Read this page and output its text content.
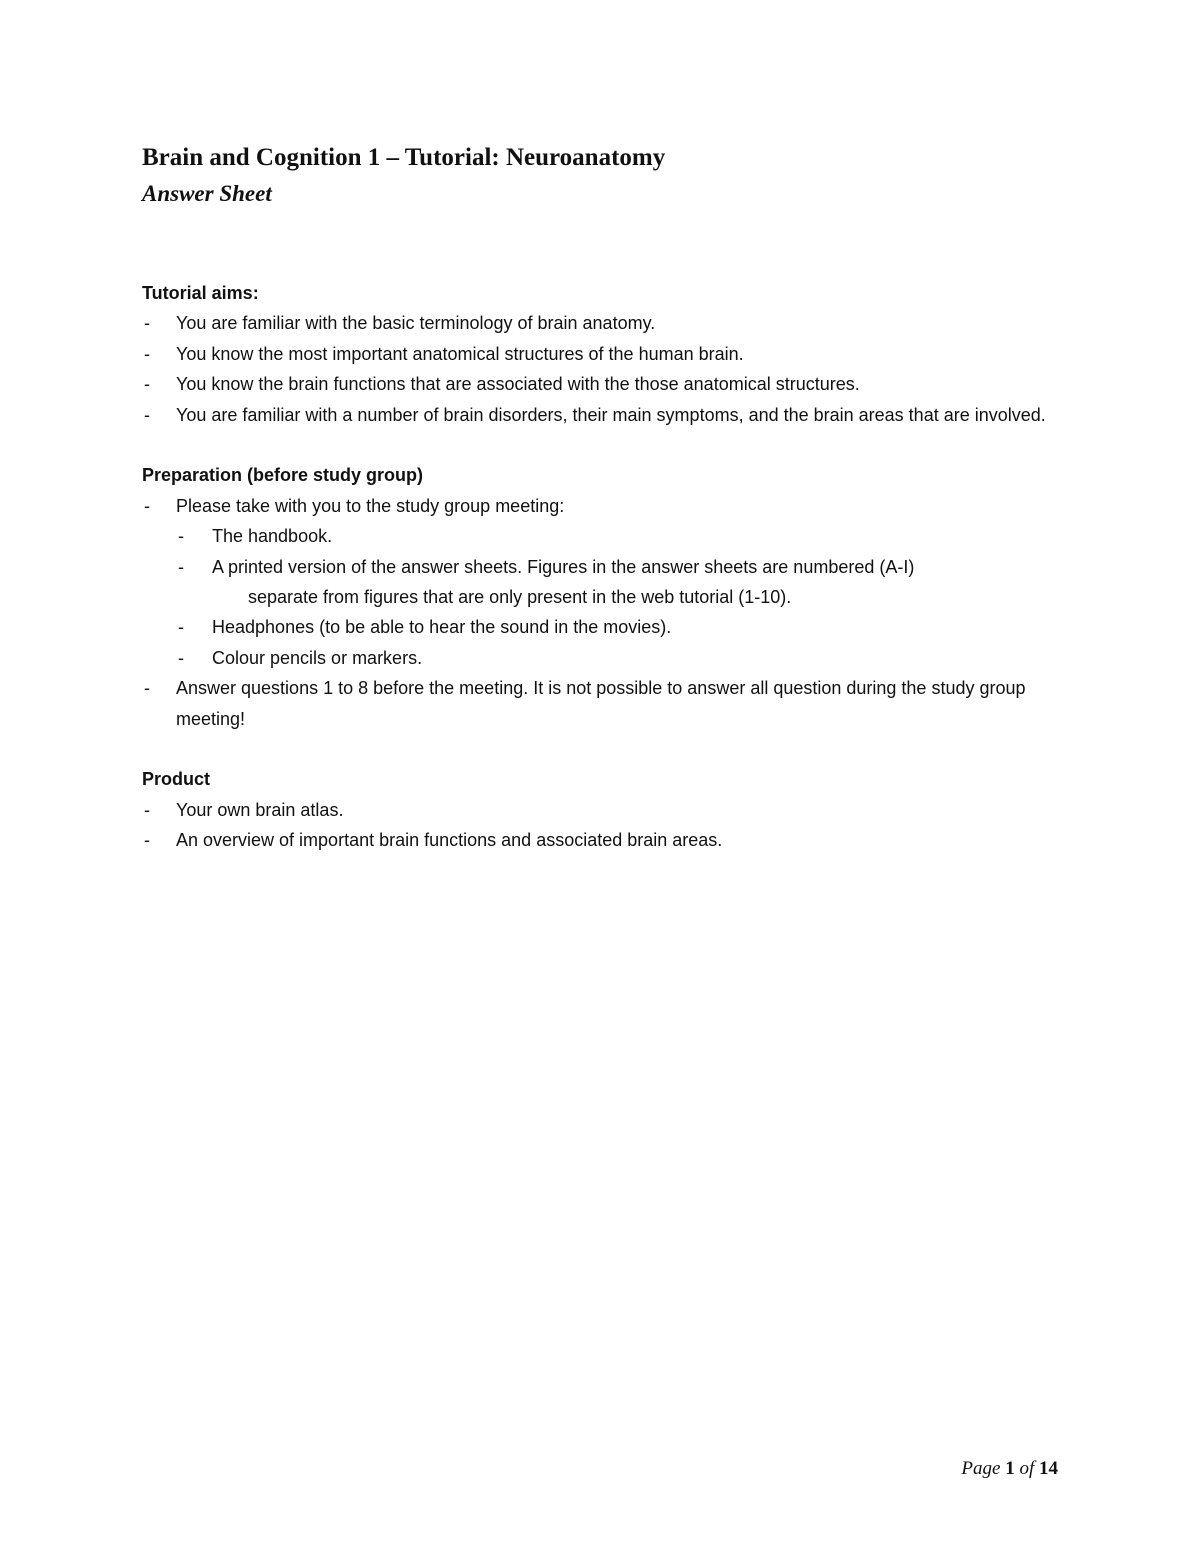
Brain and Cognition 1 – Tutorial: Neuroanatomy
Answer Sheet

Tutorial aims:

- You are familiar with the basic terminology of brain anatomy.
- You know the most important anatomical structures of the human brain.
- You know the brain functions that are associated with the those anatomical structures.
- You are familiar with a number of brain disorders, their main symptoms, and the brain areas that are involved.

Preparation (before study group)

- Please take with you to the study group meeting:
- The handbook.
- A printed version of the answer sheets. Figures in the answer sheets are numbered (A-I)
separate from figures that are only present in the web tutorial (1-10).
- Headphones (to be able to hear the sound in the movies).
- Colour pencils or markers.
- Answer questions 1 to 8 before the meeting. It is not possible to answer all question during the study group meeting!

Product

- Your own brain atlas.
- An overview of important brain functions and associated brain areas.
Page 1 of 14
